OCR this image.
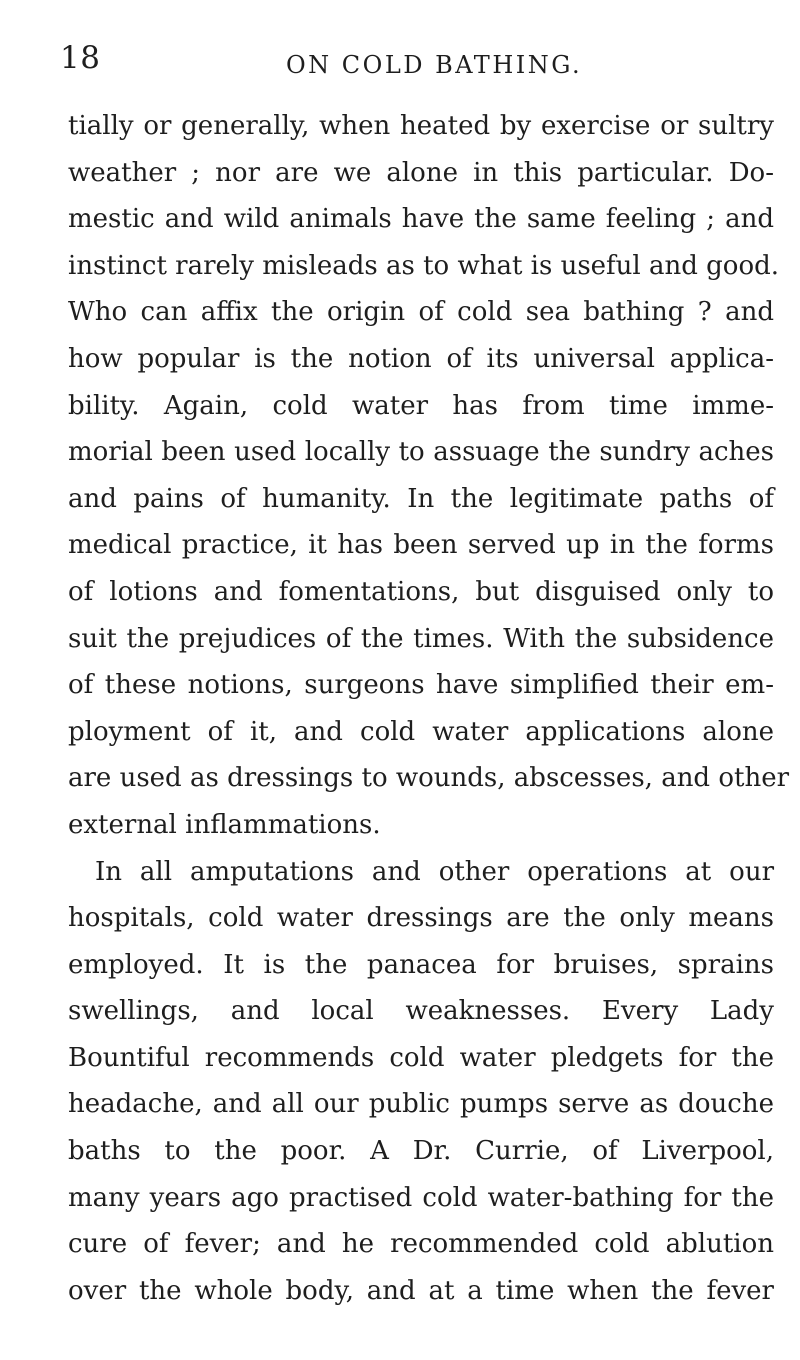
18	ON COLD BATHING.
tially or generally, when heated by exercise or sultry
weather ; nor are we alone in this particular. Do-
mestic and wild animals have the same feeling ; and
instinct rarely misleads as to what is useful and good.
Who can affix the origin of cold sea bathing ? and
how popular is the notion of its universal applica-
bility. Again, cold water has from time imme-
morial been used locally to assuage the sundry aches
and pains of humanity. In the legitimate paths of
medical practice, it has been served up in the forms
of lotions and fomentations, but disguised only to
suit the prejudices of the times. With the subsidence
of these notions, surgeons have simplified their em-
ployment of it, and cold water applications alone
are used as dressings to wounds, abscesses, and other
external inflammations.
In all amputations and other operations at our
hospitals, cold water dressings are the only means
employed. It is the panacea for bruises, sprains
swellings, and local weaknesses. Every Lady
Bountiful recommends cold water pledgets for the
headache, and all our public pumps serve as douche
baths to the poor. A Dr. Currie, of Liverpool,
many years ago practised cold water-bathing for the
cure of fever; and he recommended cold ablution
over the whole body, and at a time when the fever
